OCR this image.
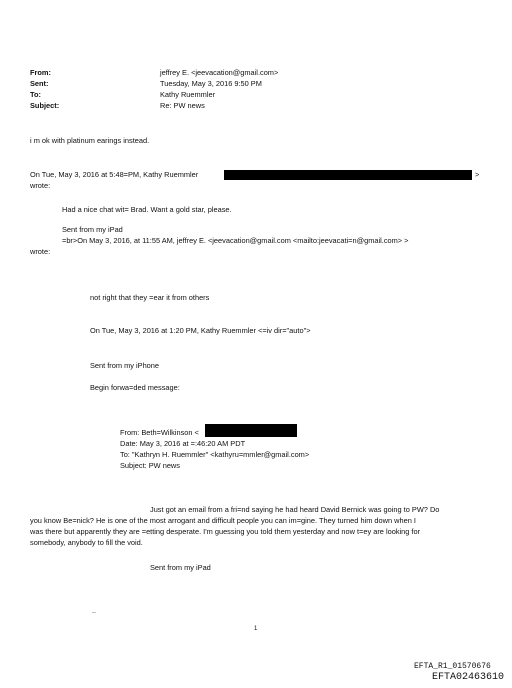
From:
Sent:
To:
Subject:
jeffrey E. <jeevacation@gmail.com>
Tuesday, May 3, 2016 9:50 PM
Kathy Ruemmler
Re: PW news
i m ok with platinum earings instead.
On Tue, May 3, 2016 at 5:48=PM, Kathy Ruemmler	>
wrote:
Had a nice chat wit= Brad. Want a gold star, please.
Sent from my iPad
=br>On May 3, 2016, at 11:55 AM, jeffrey E. <jeevacation@gmail.com <mailto:jeevacati=n@gmail.com> >
wrote:
not right that they =ear it from others
On Tue, May 3, 2016 at 1:20 PM, Kathy Ruemmler <=iv dir="auto">
Sent from my iPhone
Begin forwa=ded message:
From: Beth=Wilkinson <
Date: May 3, 2016 at =:46:20 AM PDT
To: "Kathryn H. Ruemmler" <kathyru=mmler@gmail.com>
Subject: PW news
Just got an email from a fri=nd saying he had heard David Bernick was going to PW? Do
you know Be=nick? He is one of the most arrogant and difficult people you can im=gine. They turned him down when I
was there but apparently they are =etting desperate. I'm guessing you told them yesterday and now t=ey are looking for
somebody, anybody to fill the void.
Sent from my iPad
..
1
EFTA_R1_01570676
EFTA02463610
